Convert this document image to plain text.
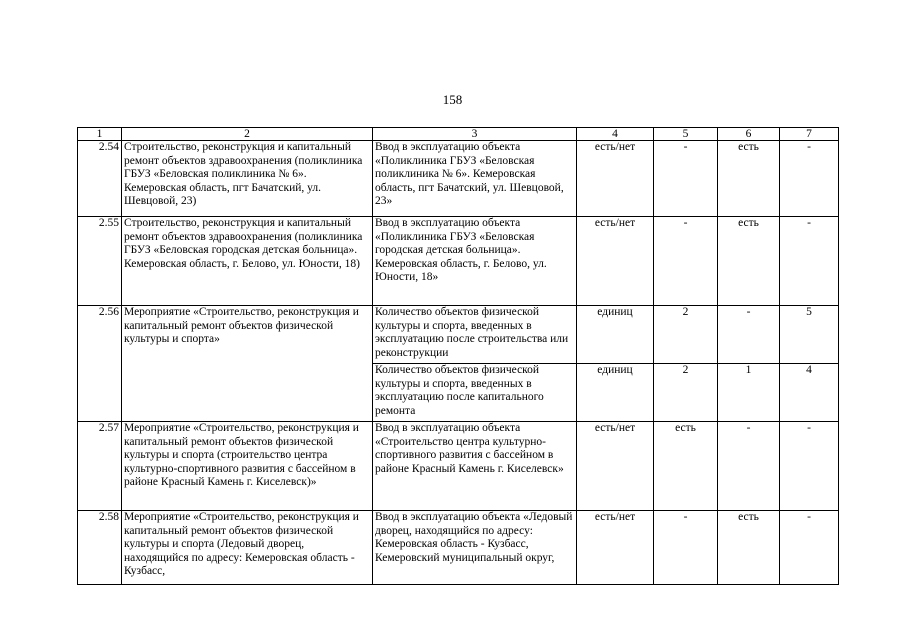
158
1	2	3	4	5	6	7
2.54	Строительство, реконструкция и капитальный ремонт объектов здравоохранения (поликлиника ГБУЗ «Беловская поликлиника № 6». Кемеровская область, пгт Бачатский, ул. Шевцовой, 23)	Ввод в эксплуатацию объекта «Поликлиника ГБУЗ «Беловская поликлиника № 6». Кемеровская область, пгт Бачатский, ул. Шевцовой, 23»	есть/нет	-	есть	-
2.55	Строительство, реконструкция и капитальный ремонт объектов здравоохранения (поликлиника ГБУЗ «Беловская городская детская больница». Кемеровская область, г. Белово, ул. Юности, 18)	Ввод в эксплуатацию объекта «Поликлиника ГБУЗ «Беловская городская детская больница». Кемеровская область, г. Белово, ул. Юности, 18»	есть/нет	-	есть	-
2.56	Мероприятие «Строительство, реконструкция и капитальный ремонт объектов физической культуры и спорта»	Количество объектов физической культуры и спорта, введенных в эксплуатацию после строительства или реконструкции	единиц	2	-	5
		Количество объектов физической культуры и спорта, введенных в эксплуатацию после капитального ремонта	единиц	2	1	4
2.57	Мероприятие «Строительство, реконструкция и капитальный ремонт объектов физической культуры и спорта (строительство центра культурно-спортивного развития с бассейном в районе Красный Камень г. Киселевск)»	Ввод в эксплуатацию объекта «Строительство центра культурно-спортивного развития с бассейном в районе Красный Камень г. Киселевск»	есть/нет	есть	-	-
2.58	Мероприятие «Строительство, реконструкция и капитальный ремонт объектов физической культуры и спорта (Ледовый дворец, находящийся по адресу: Кемеровская область - Кузбасс,	Ввод в эксплуатацию объекта «Ледовый дворец, находящийся по адресу: Кемеровская область - Кузбасс, Кемеровский муниципальный округ,	есть/нет	-	есть	-
